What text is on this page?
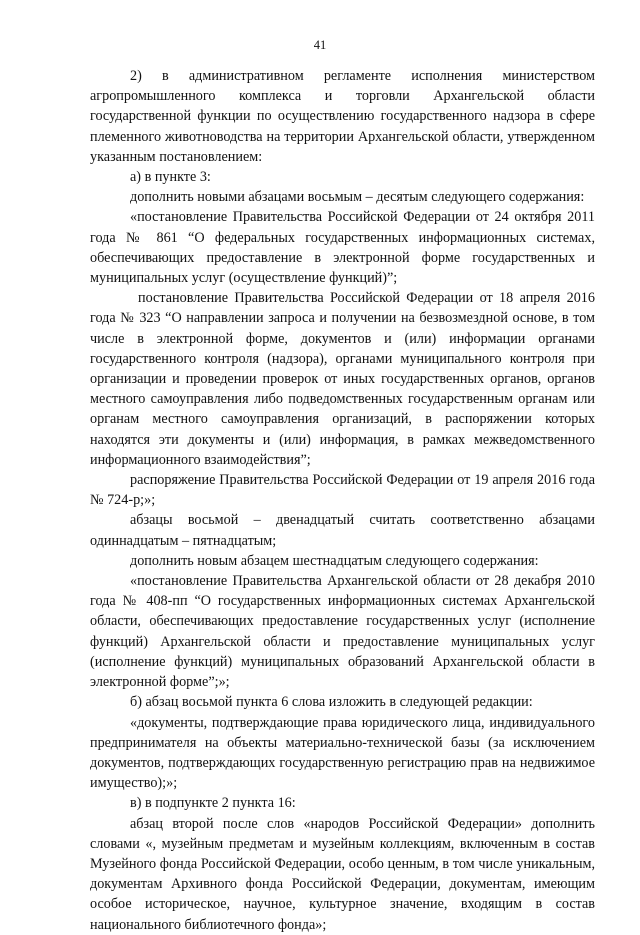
41

2) в административном регламенте исполнения министерством агропромышленного комплекса и торговли Архангельской области государственной функции по осуществлению государственного надзора в сфере племенного животноводства на территории Архангельской области, утвержденном указанным постановлением:

а) в пункте 3:

дополнить новыми абзацами восьмым – десятым следующего содержания:

«постановление Правительства Российской Федерации от 24 октября 2011 года № 861 “О федеральных государственных информационных системах, обеспечивающих предоставление в электронной форме государственных и муниципальных услуг (осуществление функций)”;

постановление Правительства Российской Федерации от 18 апреля 2016 года № 323 “О направлении запроса и получении на безвозмездной основе, в том числе в электронной форме, документов и (или) информации органами государственного контроля (надзора), органами муниципального контроля при организации и проведении проверок от иных государственных органов, органов местного самоуправления либо подведомственных государственным органам или органам местного самоуправления организаций, в распоряжении которых находятся эти документы и (или) информация, в рамках межведомственного информационного взаимодействия”;

распоряжение Правительства Российской Федерации от 19 апреля 2016 года № 724-р;»;

абзацы восьмой – двенадцатый считать соответственно абзацами одиннадцатым – пятнадцатым;

дополнить новым абзацем шестнадцатым следующего содержания:

«постановление Правительства Архангельской области от 28 декабря 2010 года № 408-пп “О государственных информационных системах Архангельской области, обеспечивающих предоставление государственных услуг (исполнение функций) Архангельской области и предоставление муниципальных услуг (исполнение функций) муниципальных образований Архангельской области в электронной форме”;»;

б) абзац восьмой пункта 6 слова изложить в следующей редакции:

«документы, подтверждающие права юридического лица, индивидуального предпринимателя на объекты материально-технической базы (за исключением документов, подтверждающих государственную регистрацию прав на недвижимое имущество);»;

в) в подпункте 2 пункта 16:

абзац второй после слов «народов Российской Федерации» дополнить словами «, музейным предметам и музейным коллекциям, включенным в состав Музейного фонда Российской Федерации, особо ценным, в том числе уникальным, документам Архивного фонда Российской Федерации, документам, имеющим особое историческое, научное, культурное значение, входящим в состав национального библиотечного фонда»;
